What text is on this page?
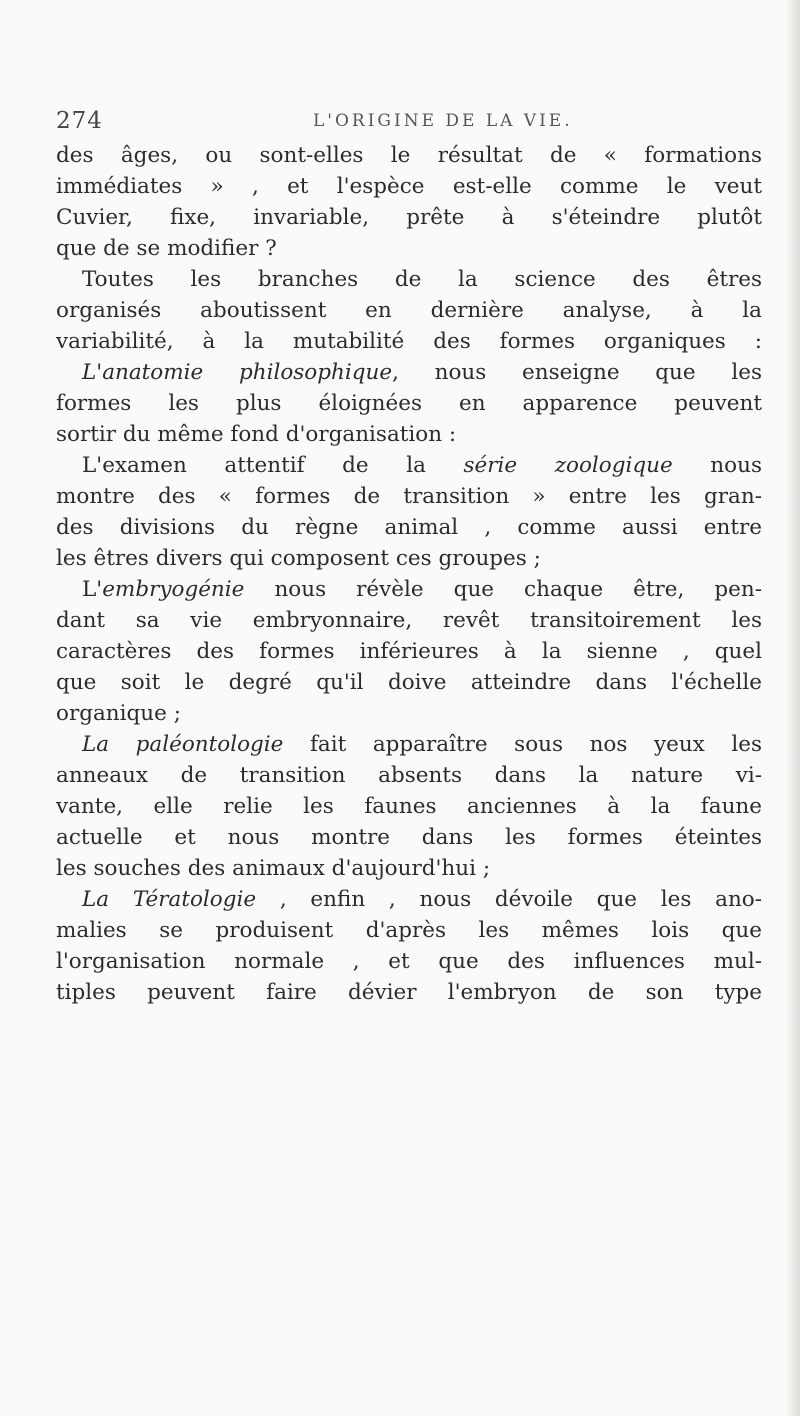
274	L'ORIGINE DE LA VIE.
des âges, ou sont-elles le résultat de « formations
immédiates » , et l'espèce est-elle comme le veut
Cuvier, fixe, invariable, prête à s'éteindre plutôt
que de se modifier ?
Toutes les branches de la science des êtres
organisés aboutissent en dernière analyse, à la
variabilité, à la mutabilité des formes organiques :
L'anatomie philosophique, nous enseigne que les
formes les plus éloignées en apparence peuvent
sortir du même fond d'organisation :
L'examen attentif de la série zoologique nous
montre des « formes de transition » entre les gran-
des divisions du règne animal , comme aussi entre
les êtres divers qui composent ces groupes ;
L'embryogénie nous révèle que chaque être, pen-
dant sa vie embryonnaire, revêt transitoirement les
caractères des formes inférieures à la sienne , quel
que soit le degré qu'il doive atteindre dans l'échelle
organique ;
La paléontologie fait apparaître sous nos yeux les
anneaux de transition absents dans la nature vi-
vante, elle relie les faunes anciennes à la faune
actuelle et nous montre dans les formes éteintes
les souches des animaux d'aujourd'hui ;
La Tératologie , enfin , nous dévoile que les ano-
malies se produisent d'après les mêmes lois que
l'organisation normale , et que des influences mul-
tiples peuvent faire dévier l'embryon de son type
